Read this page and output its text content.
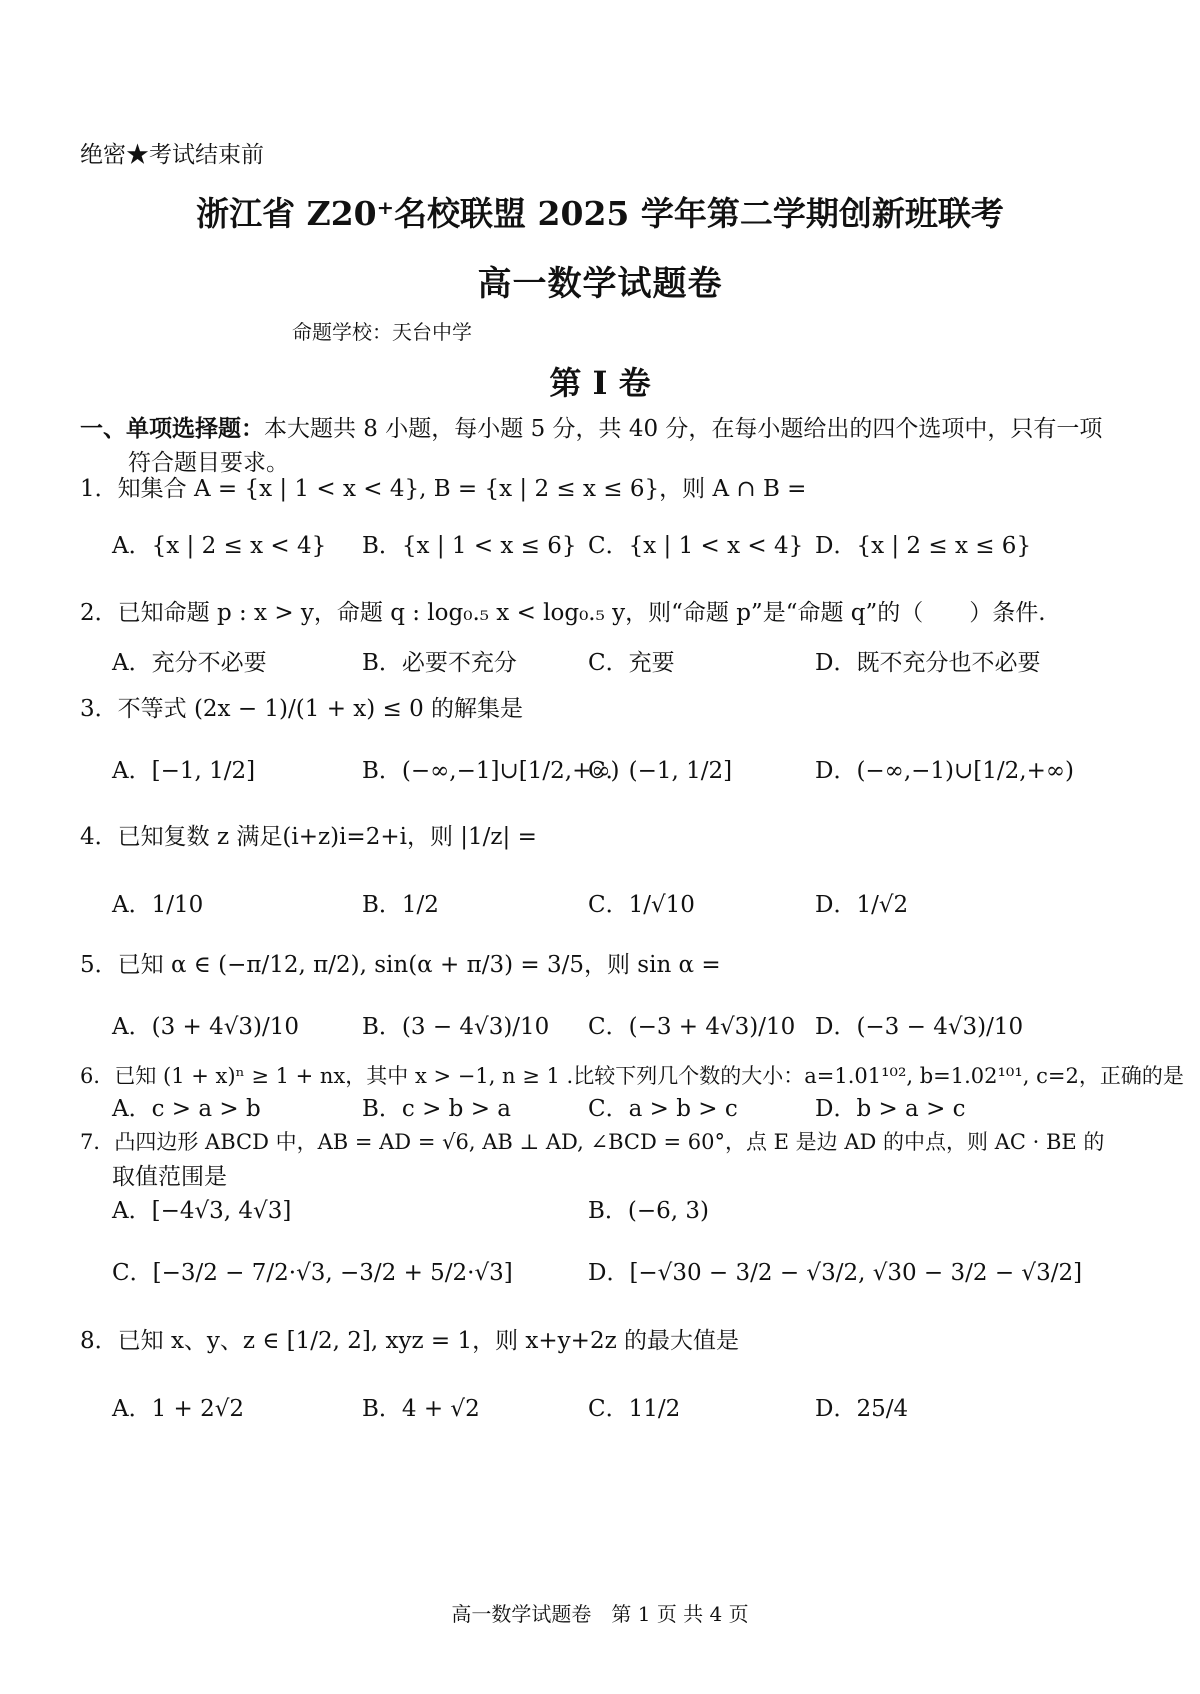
绝密★考试结束前
浙江省 Z20⁺名校联盟 2025 学年第二学期创新班联考
高一数学试题卷
命题学校：天台中学
第 I 卷
一、单项选择题：本大题共 8 小题，每小题 5 分，共 40 分，在每小题给出的四个选项中，只有一项
符合题目要求。
1．知集合 A = {x | 1 < x < 4}, B = {x | 2 ≤ x ≤ 6}，则 A ∩ B =
A．{x | 2 ≤ x < 4} B．{x | 1 < x ≤ 6} C．{x | 1 < x < 4} D．{x | 2 ≤ x ≤ 6}
2．已知命题 p : x > y，命题 q : log₀.₅ x < log₀.₅ y，则“命题 p”是“命题 q”的（　　）条件.
A．充分不必要	B．必要不充分	C．充要	D．既不充分也不必要
3．不等式 (2x − 1)/(1 + x) ≤ 0 的解集是
A．[−1, 1/2]	B．(−∞,−1]∪[1/2,+∞)
C．(−1, 1/2]	D．(−∞,−1)∪[1/2,+∞)
4．已知复数 z 满足(i+z)i=2+i，则 |1/z| =
A．1/10	B．1/2	C．1/√10	D．1/√2
5．已知 α ∈ (−π/12, π/2), sin(α + π/3) = 3/5，则 sin α =
A．(3 + 4√3)/10	B．(3 − 4√3)/10 C．(−3 + 4√3)/10 D．(−3 − 4√3)/10
6．已知 (1 + x)ⁿ ≥ 1 + nx，其中 x > −1, n ≥ 1 .比较下列几个数的大小：a=1.01¹⁰², b=1.02¹⁰¹, c=2，正确的是
A．c > a > b	B．c > b > a	C．a > b > c	D．b > a > c
7．凸四边形 ABCD 中，AB = AD = √6, AB ⊥ AD, ∠BCD = 60°，点 E 是边 AD 的中点，则 AC · BE 的
取值范围是
A．[−4√3, 4√3]	B．(−6, 3)
C．[−3/2 − 7/2·√3, −3/2 + 5/2·√3]	D．[−√30 − 3/2 − √3/2, √30 − 3/2 − √3/2]
8．已知 x、y、z ∈ [1/2, 2], xyz = 1，则 x+y+2z 的最大值是
A．1 + 2√2	B．4 + √2	C．11/2	D．25/4
高一数学试题卷　第 1 页 共 4 页
